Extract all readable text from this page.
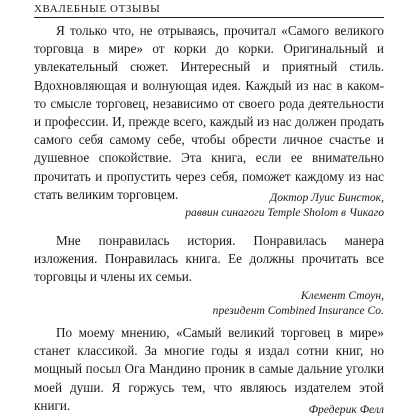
ХВАЛЕБНЫЕ ОТЗЫВЫ

Я только что, не отрываясь, прочитал «Самого великого торговца в мире» от корки до корки. Оригинальный и увлекательный сюжет. Интересный и приятный стиль. Вдохновляющая и волнующая идея. Каждый из нас в каком-то смысле торговец, независимо от своего рода деятельности и профессии. И, прежде всего, каждый из нас должен продать самого себя самому себе, чтобы обрести личное счастье и душевное спокойствие. Эта книга, если ее внимательно прочитать и пропустить через себя, поможет каждому из нас стать великим торговцем.	Доктор Луис Бинсток,
раввин синагоги Temple Sholom в Чикаго

Мне понравилась история. Понравилась манера изложения. Понравилась книга. Ее должны прочитать все торговцы и члены их семьи.

Клемент Стоун,
президент Combined Insurance Co.

По моему мнению, «Самый великий торговец в мире» станет классикой. За многие годы я издал сотни книг, но мощный посыл Ога Мандино проник в самые дальние уголки моей души. Я горжусь тем, что являюсь издателем этой книги.	Фредерик Фелл
